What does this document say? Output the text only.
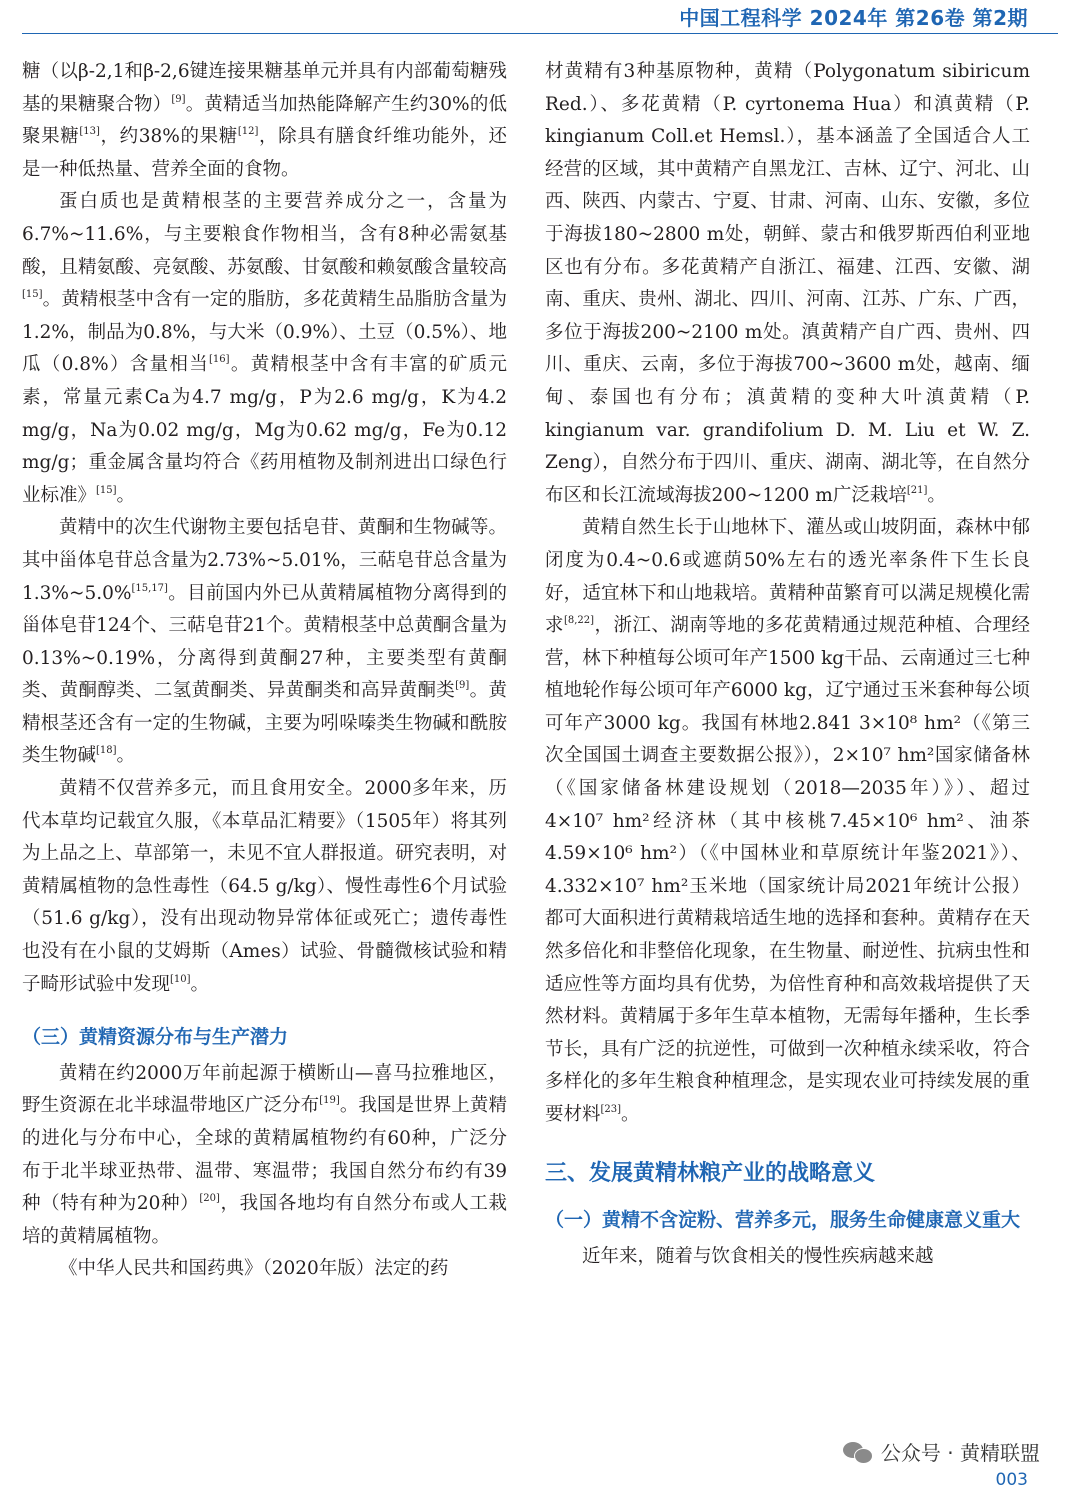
中国工程科学 2024年 第26卷 第2期

糖（以β-2,1和β-2,6键连接果糖基单元并具有内部葡萄糖残基的果糖聚合物）[9]。黄精适当加热能降解产生约30%的低聚果糖[13]，约38%的果糖[12]，除具有膳食纤维功能外，还是一种低热量、营养全面的食物。

蛋白质也是黄精根茎的主要营养成分之一，含量为6.7%~11.6%，与主要粮食作物相当，含有8种必需氨基酸，且精氨酸、亮氨酸、苏氨酸、甘氨酸和赖氨酸含量较高[15]。黄精根茎中含有一定的脂肪，多花黄精生品脂肪含量为1.2%，制品为0.8%，与大米（0.9%）、土豆（0.5%）、地瓜（0.8%）含量相当[16]。黄精根茎中含有丰富的矿质元素，常量元素Ca为4.7 mg/g，P为2.6 mg/g，K为4.2 mg/g，Na为0.02 mg/g，Mg为0.62 mg/g，Fe为0.12 mg/g；重金属含量均符合《药用植物及制剂进出口绿色行业标准》[15]。

黄精中的次生代谢物主要包括皂苷、黄酮和生物碱等。其中甾体皂苷总含量为2.73%~5.01%，三萜皂苷总含量为1.3%~5.0%[15,17]。目前国内外已从黄精属植物分离得到的甾体皂苷124个、三萜皂苷21个。黄精根茎中总黄酮含量为0.13%~0.19%，分离得到黄酮27种，主要类型有黄酮类、黄酮醇类、二氢黄酮类、异黄酮类和高异黄酮类[9]。黄精根茎还含有一定的生物碱，主要为吲哚嗪类生物碱和酰胺类生物碱[18]。

黄精不仅营养多元，而且食用安全。2000多年来，历代本草均记载宜久服，《本草品汇精要》（1505年）将其列为上品之上、草部第一，未见不宜人群报道。研究表明，对黄精属植物的急性毒性（64.5 g/kg）、慢性毒性6个月试验（51.6 g/kg），没有出现动物异常体征或死亡；遗传毒性也没有在小鼠的艾姆斯（Ames）试验、骨髓微核试验和精子畸形试验中发现[10]。

（三）黄精资源分布与生产潜力

黄精在约2000万年前起源于横断山—喜马拉雅地区，野生资源在北半球温带地区广泛分布[19]。我国是世界上黄精的进化与分布中心，全球的黄精属植物约有60种，广泛分布于北半球亚热带、温带、寒温带；我国自然分布约有39种（特有种为20种）[20]，我国各地均有自然分布或人工栽培的黄精属植物。

《中华人民共和国药典》（2020年版）法定的药

材黄精有3种基原物种，黄精（Polygonatum sibiricum Red.）、多花黄精（P. cyrtonema Hua）和滇黄精（P. kingianum Coll.et Hemsl.），基本涵盖了全国适合人工经营的区域，其中黄精产自黑龙江、吉林、辽宁、河北、山西、陕西、内蒙古、宁夏、甘肃、河南、山东、安徽，多位于海拔180~2800 m处，朝鲜、蒙古和俄罗斯西伯利亚地区也有分布。多花黄精产自浙江、福建、江西、安徽、湖南、重庆、贵州、湖北、四川、河南、江苏、广东、广西，多位于海拔200~2100 m处。滇黄精产自广西、贵州、四川、重庆、云南，多位于海拔700~3600 m处，越南、缅甸、泰国也有分布；滇黄精的变种大叶滇黄精（P. kingianum var. grandifolium D. M. Liu et W. Z. Zeng），自然分布于四川、重庆、湖南、湖北等，在自然分布区和长江流域海拔200~1200 m广泛栽培[21]。

黄精自然生长于山地林下、灌丛或山坡阴面，森林中郁闭度为0.4~0.6或遮荫50%左右的透光率条件下生长良好，适宜林下和山地栽培。黄精种苗繁育可以满足规模化需求[8,22]，浙江、湖南等地的多花黄精通过规范种植、合理经营，林下种植每公顷可年产1500 kg干品、云南通过三七种植地轮作每公顷可年产6000 kg，辽宁通过玉米套种每公顷可年产3000 kg。我国有林地2.841 3×10⁸ hm²（《第三次全国国土调查主要数据公报》），2×10⁷ hm²国家储备林（《国家储备林建设规划（2018—2035年）》）、超过4×10⁷ hm²经济林（其中核桃7.45×10⁶ hm²、油茶4.59×10⁶ hm²）（《中国林业和草原统计年鉴2021》）、4.332×10⁷ hm²玉米地（国家统计局2021年统计公报）都可大面积进行黄精栽培适生地的选择和套种。黄精存在天然多倍化和非整倍化现象，在生物量、耐逆性、抗病虫性和适应性等方面均具有优势，为倍性育种和高效栽培提供了天然材料。黄精属于多年生草本植物，无需每年播种，生长季节长，具有广泛的抗逆性，可做到一次种植永续采收，符合多样化的多年生粮食种植理念，是实现农业可持续发展的重要材料[23]。

三、发展黄精林粮产业的战略意义
（一）黄精不含淀粉、营养多元，服务生命健康意义重大

近年来，随着与饮食相关的慢性疾病越来越

公众号 · 黄精联盟
003
